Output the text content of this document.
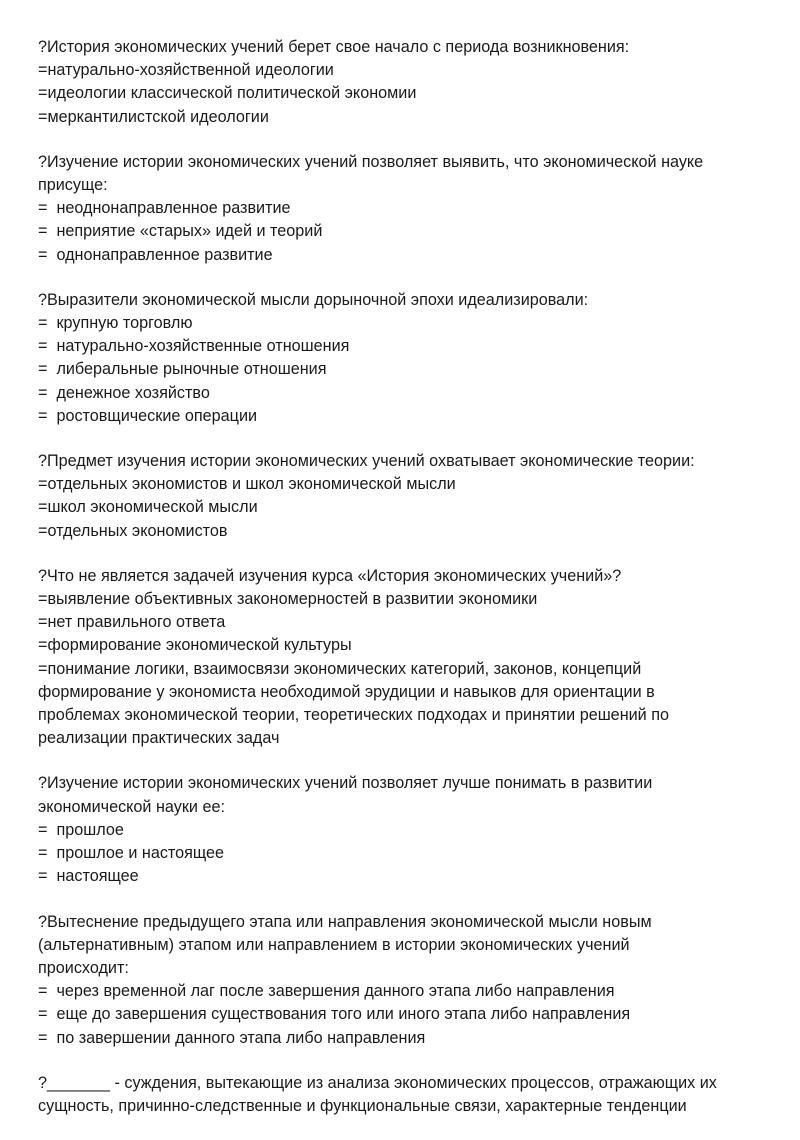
?История экономических учений берет свое начало с периода возникновения:
=натурально-хозяйственной идеологии
=идеологии классической политической экономии
=меркантилистской идеологии
?Изучение истории экономических учений позволяет выявить, что экономической науке
присуще:
=  неоднонаправленное развитие
=  неприятие «старых» идей и теорий
=  однонаправленное развитие
?Выразители экономической мысли дорыночной эпохи идеализировали:
=  крупную торговлю
=  натурально-хозяйственные отношения
=  либеральные рыночные отношения
=  денежное хозяйство
=  ростовщические операции
?Предмет изучения истории экономических учений охватывает экономические теории:
=отдельных экономистов и школ экономической мысли
=школ экономической мысли
=отдельных экономистов
?Что не является задачей изучения курса «История экономических учений»?
=выявление объективных закономерностей в развитии экономики
=нет правильного ответа
=формирование экономической культуры
=понимание логики, взаимосвязи экономических категорий, законов, концепций
формирование у экономиста необходимой эрудиции и навыков для ориентации в
проблемах экономической теории, теоретических подходах и принятии решений по
реализации практических задач
?Изучение истории экономических учений позволяет лучше понимать в развитии
экономической науки ее:
=  прошлое
=  прошлое и настоящее
=  настоящее
?Вытеснение предыдущего этапа или направления экономической мысли новым
(альтернативным) этапом или направлением в истории экономических учений
происходит:
=  через временной лаг после завершения данного этапа либо направления
=  еще до завершения существования того или иного этапа либо направления
=  по завершении данного этапа либо направления
?_______ - суждения, вытекающие из анализа экономических процессов, отражающих их
сущность, причинно-следственные и функциональные связи, характерные тенденции
